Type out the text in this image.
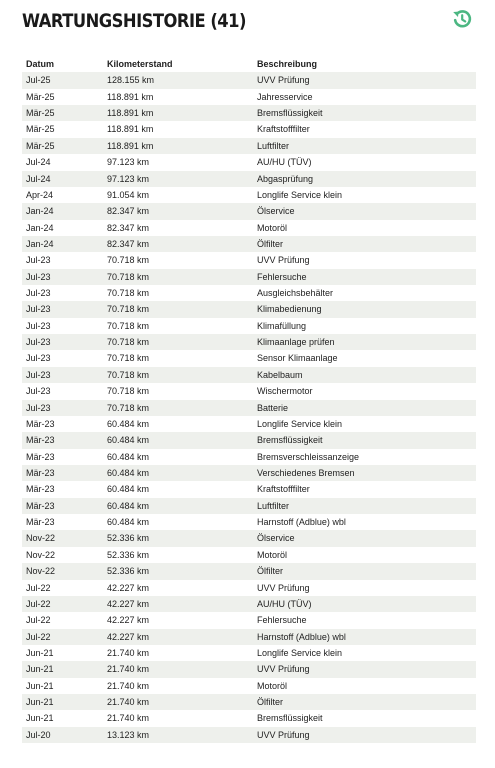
WARTUNGSHISTORIE (41)
Datum	Kilometerstand	Beschreibung
Jul-25	128.155 km	UVV Prüfung
Mär-25	118.891 km	Jahresservice
Mär-25	118.891 km	Bremsflüssigkeit
Mär-25	118.891 km	Kraftstofffilter
Mär-25	118.891 km	Luftfilter
Jul-24	97.123 km	AU/HU (TÜV)
Jul-24	97.123 km	Abgasprüfung
Apr-24	91.054 km	Longlife Service klein
Jan-24	82.347 km	Ölservice
Jan-24	82.347 km	Motoröl
Jan-24	82.347 km	Ölfilter
Jul-23	70.718 km	UVV Prüfung
Jul-23	70.718 km	Fehlersuche
Jul-23	70.718 km	Ausgleichsbehälter
Jul-23	70.718 km	Klimabedienung
Jul-23	70.718 km	Klimafüllung
Jul-23	70.718 km	Klimaanlage prüfen
Jul-23	70.718 km	Sensor Klimaanlage
Jul-23	70.718 km	Kabelbaum
Jul-23	70.718 km	Wischermotor
Jul-23	70.718 km	Batterie
Mär-23	60.484 km	Longlife Service klein
Mär-23	60.484 km	Bremsflüssigkeit
Mär-23	60.484 km	Bremsverschleissanzeige
Mär-23	60.484 km	Verschiedenes Bremsen
Mär-23	60.484 km	Kraftstofffilter
Mär-23	60.484 km	Luftfilter
Mär-23	60.484 km	Harnstoff (Adblue) wbl
Nov-22	52.336 km	Ölservice
Nov-22	52.336 km	Motoröl
Nov-22	52.336 km	Ölfilter
Jul-22	42.227 km	UVV Prüfung
Jul-22	42.227 km	AU/HU (TÜV)
Jul-22	42.227 km	Fehlersuche
Jul-22	42.227 km	Harnstoff (Adblue) wbl
Jun-21	21.740 km	Longlife Service klein
Jun-21	21.740 km	UVV Prüfung
Jun-21	21.740 km	Motoröl
Jun-21	21.740 km	Ölfilter
Jun-21	21.740 km	Bremsflüssigkeit
Jul-20	13.123 km	UVV Prüfung
